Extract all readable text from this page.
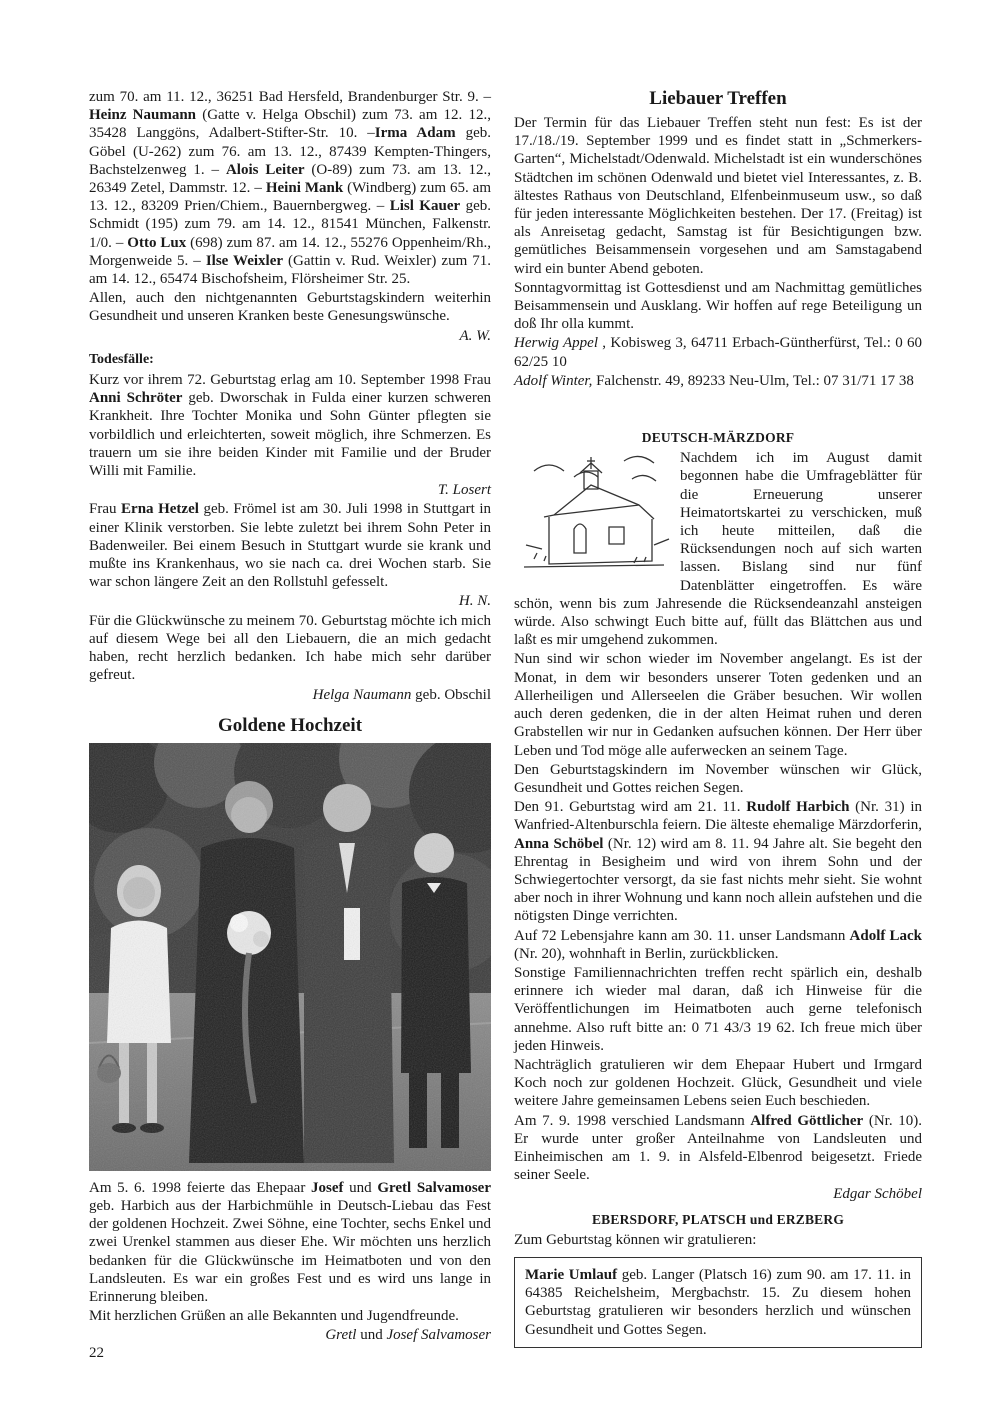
zum 70. am 11. 12., 36251 Bad Hersfeld, Brandenburger Str. 9. – Heinz Naumann (Gatte v. Helga Obschil) zum 73. am 12. 12., 35428 Langgöns, Adalbert-Stifter-Str. 10. –Irma Adam geb. Göbel (U-262) zum 76. am 13. 12., 87439 Kempten-Thingers, Bachstelzenweg 1. – Alois Leiter (O-89) zum 73. am 13. 12., 26349 Zetel, Dammstr. 12. – Heini Mank (Windberg) zum 65. am 13. 12., 83209 Prien/Chiem., Bauernbergweg. – Lisl Kauer geb. Schmidt (195) zum 79. am 14. 12., 81541 München, Falkenstr. 1/0. – Otto Lux (698) zum 87. am 14. 12., 55276 Oppenheim/Rh., Morgenweide 5. – Ilse Weixler (Gattin v. Rud. Weixler) zum 71. am 14. 12., 65474 Bischofsheim, Flörsheimer Str. 25.

Allen, auch den nichtgenannten Geburtstagskindern weiterhin Gesundheit und unseren Kranken beste Genesungswünsche.

A. W.

Todesfälle:

Kurz vor ihrem 72. Geburtstag erlag am 10. September 1998 Frau Anni Schröter geb. Dworschak in Fulda einer kurzen schweren Krankheit. Ihre Tochter Monika und Sohn Günter pflegten sie vorbildlich und erleichterten, soweit möglich, ihre Schmerzen. Es trauern um sie ihre beiden Kinder mit Familie und der Bruder Willi mit Familie.

T. Losert

Frau Erna Hetzel geb. Frömel ist am 30. Juli 1998 in Stuttgart in einer Klinik verstorben. Sie lebte zuletzt bei ihrem Sohn Peter in Badenweiler. Bei einem Besuch in Stuttgart wurde sie krank und mußte ins Krankenhaus, wo sie nach ca. drei Wochen starb. Sie war schon längere Zeit an den Rollstuhl gefesselt.

H. N.

Für die Glückwünsche zu meinem 70. Geburtstag möchte ich mich auf diesem Wege bei all den Liebauern, die an mich gedacht haben, recht herzlich bedanken. Ich habe mich sehr darüber gefreut.

Helga Naumann geb. Obschil

Goldene Hochzeit

Am 5. 6. 1998 feierte das Ehepaar Josef und Gretl Salvamoser geb. Harbich aus der Harbichmühle in Deutsch-Liebau das Fest der goldenen Hochzeit. Zwei Söhne, eine Tochter, sechs Enkel und zwei Urenkel stammen aus dieser Ehe. Wir möchten uns herzlich bedanken für die Glückwünsche im Heimatboten und von den Landsleuten. Es war ein großes Fest und es wird uns lange in Erinnerung bleiben.

Mit herzlichen Grüßen an alle Bekannten und Jugendfreunde.

Gretl und Josef Salvamoser

Liebauer Treffen

Der Termin für das Liebauer Treffen steht nun fest: Es ist der 17./18./19. September 1999 und es findet statt in „Schmerkers-Garten“, Michelstadt/Odenwald. Michelstadt ist ein wunderschönes Städtchen im schönen Odenwald und bietet viel Interessantes, z. B. ältestes Rathaus von Deutschland, Elfenbeinmuseum usw., so daß für jeden interessante Möglichkeiten bestehen. Der 17. (Freitag) ist als Anreisetag gedacht, Samstag ist für Besichtigungen bzw. gemütliches Beisammensein vorgesehen und am Samstagabend wird ein bunter Abend geboten.

Sonntagvormittag ist Gottesdienst und am Nachmittag gemütliches Beisammensein und Ausklang. Wir hoffen auf rege Beteiligung un doß Ihr olla kummt.

Herwig Appel , Kobisweg 3, 64711 Erbach-Güntherfürst, Tel.: 0 60 62/25 10

Adolf Winter, Falchenstr. 49, 89233 Neu-Ulm, Tel.: 07 31/71 17 38

DEUTSCH-MÄRZDORF

Nachdem ich im August damit begonnen habe die Umfrageblätter für die Erneuerung unserer Heimatortskartei zu verschicken, muß ich heute mitteilen, daß die Rücksendungen noch auf sich warten lassen. Bislang sind nur fünf Datenblätter eingetroffen. Es wäre schön, wenn bis zum Jahresende die Rücksendeanzahl ansteigen würde. Also schwingt Euch bitte auf, füllt das Blättchen aus und laßt es mir umgehend zukommen.

Nun sind wir schon wieder im November angelangt. Es ist der Monat, in dem wir besonders unserer Toten gedenken und an Allerheiligen und Allerseelen die Gräber besuchen. Wir wollen auch deren gedenken, die in der alten Heimat ruhen und deren Grabstellen wir nur in Gedanken aufsuchen können. Der Herr über Leben und Tod möge alle auferwecken an seinem Tage.

Den Geburtstagskindern im November wünschen wir Glück, Gesundheit und Gottes reichen Segen.

Den 91. Geburtstag wird am 21. 11. Rudolf Harbich (Nr. 31) in Wanfried-Altenburschla feiern. Die älteste ehemalige Märzdorferin, Anna Schöbel (Nr. 12) wird am 8. 11. 94 Jahre alt. Sie begeht den Ehrentag in Besigheim und wird von ihrem Sohn und der Schwiegertochter versorgt, da sie fast nichts mehr sieht. Sie wohnt aber noch in ihrer Wohnung und kann noch allein aufstehen und die nötigsten Dinge verrichten.

Auf 72 Lebensjahre kann am 30. 11. unser Landsmann Adolf Lack (Nr. 20), wohnhaft in Berlin, zurückblicken.

Sonstige Familiennachrichten treffen recht spärlich ein, deshalb erinnere ich wieder mal daran, daß ich Hinweise für die Veröffentlichungen im Heimatboten auch gerne telefonisch annehme. Also ruft bitte an: 0 71 43/3 19 62. Ich freue mich über jeden Hinweis.

Nachträglich gratulieren wir dem Ehepaar Hubert und Irmgard Koch noch zur goldenen Hochzeit. Glück, Gesundheit und viele weitere Jahre gemeinsamen Lebens seien Euch beschieden.

Am 7. 9. 1998 verschied Landsmann Alfred Göttlicher (Nr. 10). Er wurde unter großer Anteilnahme von Landsleuten und Einheimischen am 1. 9. in Alsfeld-Elbenrod beigesetzt. Friede seiner Seele.

Edgar Schöbel

EBERSDORF, PLATSCH und ERZBERG

Zum Geburtstag können wir gratulieren:

Marie Umlauf geb. Langer (Platsch 16) zum 90. am 17. 11. in 64385 Reichelsheim, Mergbachstr. 15. Zu diesem hohen Geburtstag gratulieren wir besonders herzlich und wünschen Gesundheit und Gottes Segen.
22
